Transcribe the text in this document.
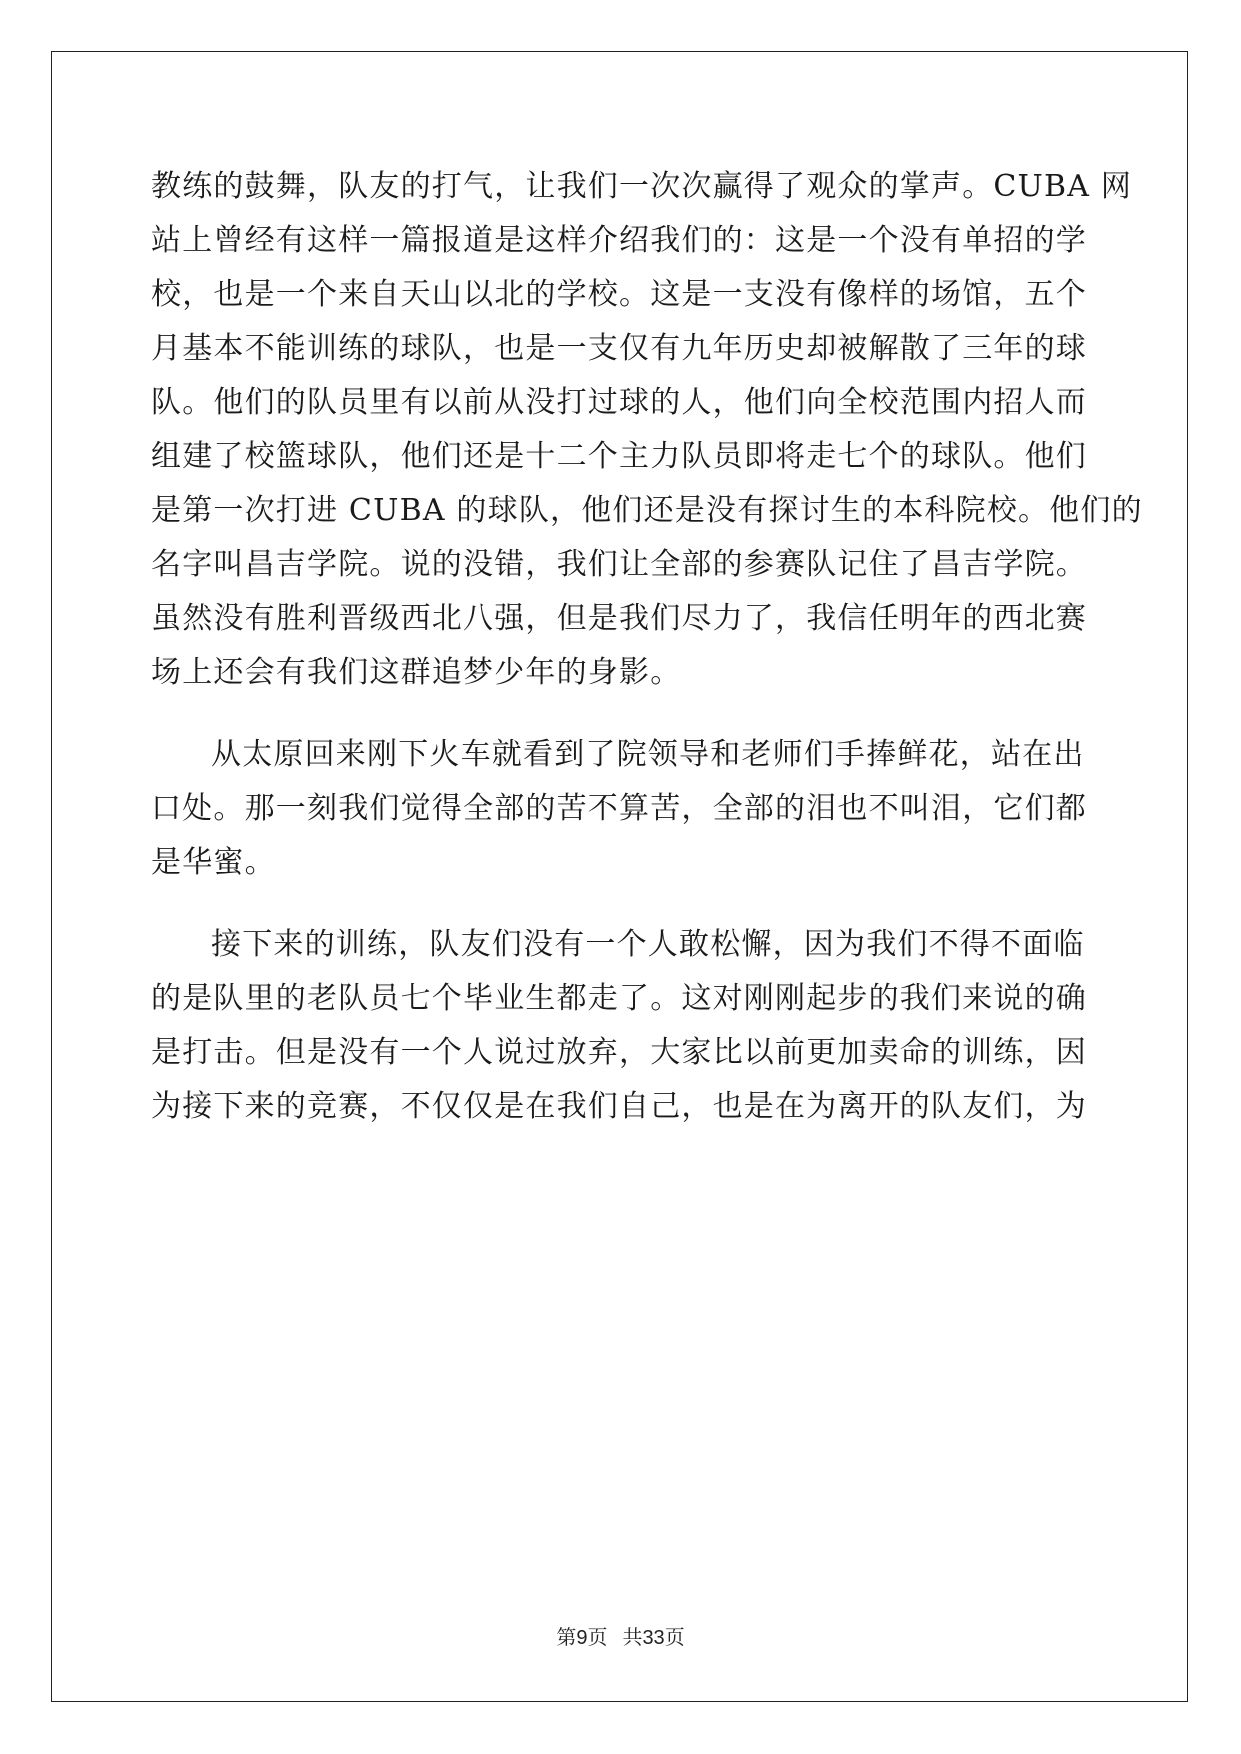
教练的鼓舞，队友的打气，让我们一次次赢得了观众的掌声。CUBA 网
站上曾经有这样一篇报道是这样介绍我们的：这是一个没有单招的学
校，也是一个来自天山以北的学校。这是一支没有像样的场馆，五个
月基本不能训练的球队，也是一支仅有九年历史却被解散了三年的球
队。他们的队员里有以前从没打过球的人，他们向全校范围内招人而
组建了校篮球队，他们还是十二个主力队员即将走七个的球队。他们
是第一次打进 CUBA 的球队，他们还是没有探讨生的本科院校。他们的
名字叫昌吉学院。说的没错，我们让全部的参赛队记住了昌吉学院。
虽然没有胜利晋级西北八强，但是我们尽力了，我信任明年的西北赛
场上还会有我们这群追梦少年的身影。
从太原回来刚下火车就看到了院领导和老师们手捧鲜花，站在出
口处。那一刻我们觉得全部的苦不算苦，全部的泪也不叫泪，它们都
是华蜜。
接下来的训练，队友们没有一个人敢松懈，因为我们不得不面临
的是队里的老队员七个毕业生都走了。这对刚刚起步的我们来说的确
是打击。但是没有一个人说过放弃，大家比以前更加卖命的训练，因
为接下来的竞赛，不仅仅是在我们自己，也是在为离开的队友们，为
第9页 共33页
